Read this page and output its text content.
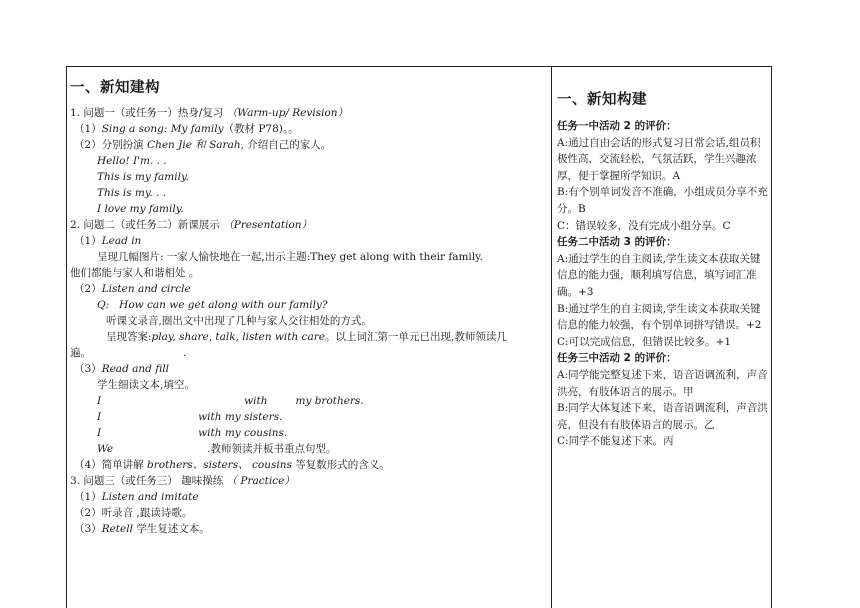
一、新知建构
1. 问题一（或任务一）热身/复习 （Warm-up/ Revision）
（1）Sing a song: My family（教材 P78)。。
（2）分别扮演 Chen Jie 和 Sarah, 介绍自己的家人。
Hello! I'm. . .
This is my family.
This is my. . .
I love my family.
2. 问题二（或任务二）新课展示 （Presentation）
（1）Lead in
呈现几幅图片: 一家人愉快地在一起,出示主题:They get along with their family.
他们都能与家人和谐相处 。
（2）Listen and circle
Q: How can we get along with our family?
听课文录音,圈出文中出现了几种与家人交往相处的方式。
呈现答案:play, share, talk, listen with care。以上词汇第一单元已出现,教师领读几
遍。	.
（3）Read and fill
学生细读文本,填空。
I	with	my brothers.
I	with my sisters.
I	with my cousins.
We	.教师领读并板书重点句型。
（4）简单讲解 brothers、sisters、 cousins 等复数形式的含义。
3. 问题三（或任务三） 趣味操练 （ Practice）
（1）Listen and imitate
（2）听录音 ,跟读诗歌。
（3）Retell 学生复述文本。
一、新知构建
任务一中活动 2 的评价：
A:通过自由会话的形式复习日常会话,组员积极性高，交流轻松，气氛活跃，学生兴趣浓厚，便于掌握所学知识。A
B:有个别单词发音不准确，小组成员分享不充分。B
C：错误较多，没有完成小组分享。C
任务二中活动 3 的评价：
A:通过学生的自主阅读,学生读文本获取关键信息的能力强，顺利填写信息，填写词汇准确。+3
B:通过学生的自主阅读,学生读文本获取关键信息的能力较强，有个别单词拼写错误。+2
C:可以完成信息，但错误比较多。+1
任务三中活动 2 的评价：
A:同学能完整复述下来，语音语调流利，声音洪亮，有肢体语言的展示。甲
B:同学大体复述下来，语音语调流利，声音洪亮，但没有有肢体语言的展示。乙
C:同学不能复述下来。丙
